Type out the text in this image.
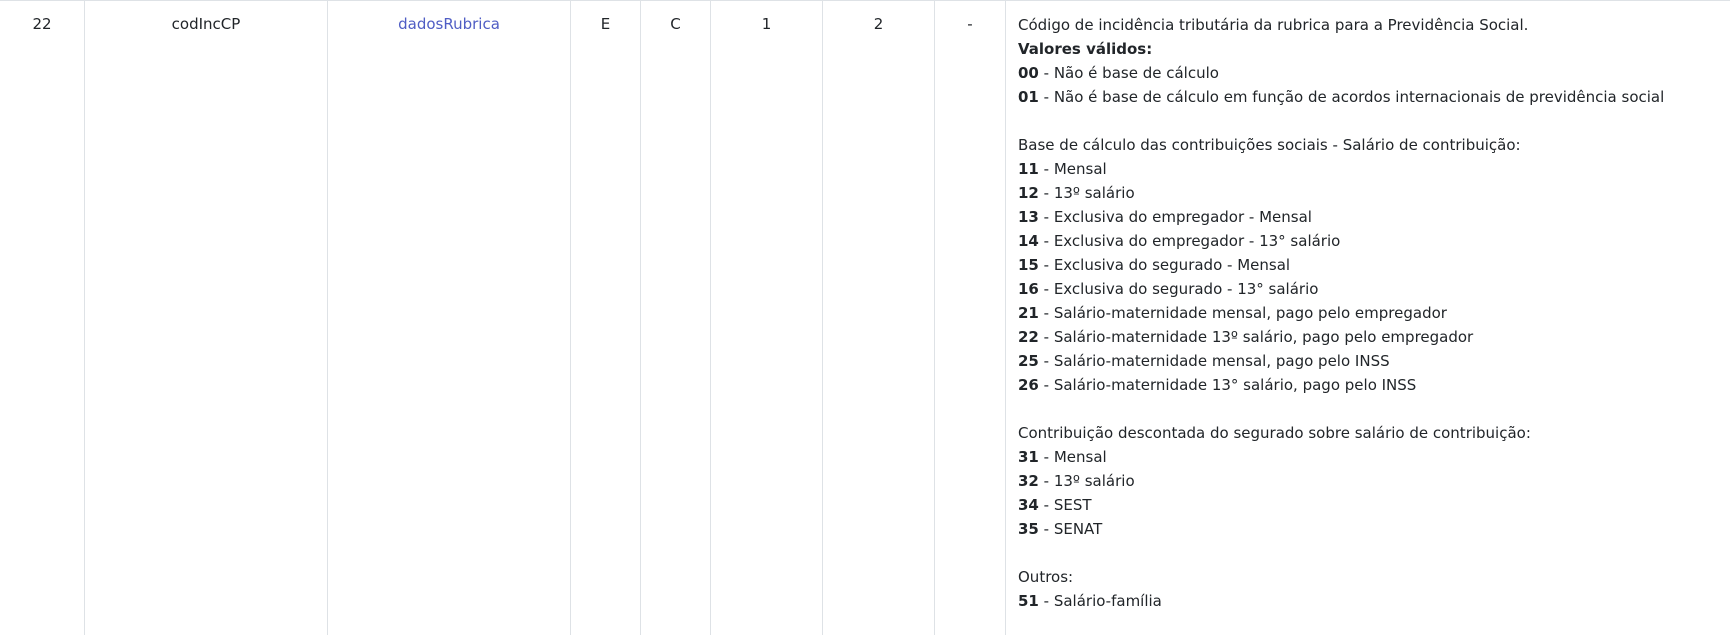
22	codIncCP	dadosRubrica	E	C	1	2	-	Código de incidência tributária da rubrica para a Previdência Social.
Valores válidos:
00 - Não é base de cálculo
01 - Não é base de cálculo em função de acordos internacionais de previdência social
Base de cálculo das contribuições sociais - Salário de contribuição:
11 - Mensal
12 - 13º salário
13 - Exclusiva do empregador - Mensal
14 - Exclusiva do empregador - 13° salário
15 - Exclusiva do segurado - Mensal
16 - Exclusiva do segurado - 13° salário
21 - Salário-maternidade mensal, pago pelo empregador
22 - Salário-maternidade 13º salário, pago pelo empregador
25 - Salário-maternidade mensal, pago pelo INSS
26 - Salário-maternidade 13° salário, pago pelo INSS
Contribuição descontada do segurado sobre salário de contribuição:
31 - Mensal
32 - 13º salário
34 - SEST
35 - SENAT
Outros:
51 - Salário-família
